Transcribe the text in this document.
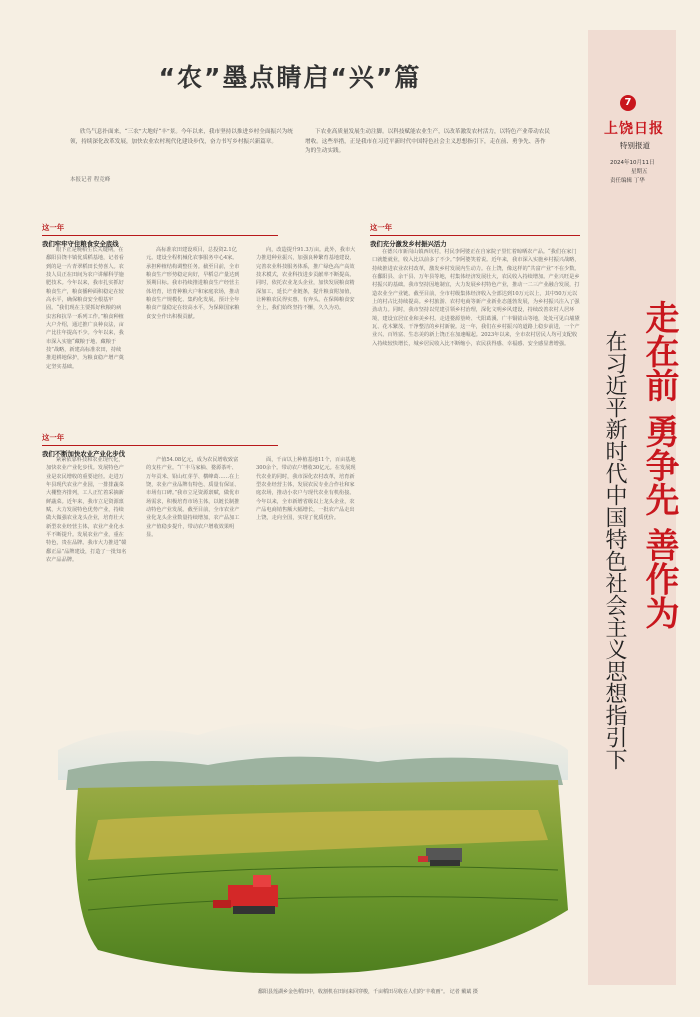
“农”墨点睛启“兴”篇
欣鸟气息扑面来，“三农”大地好“丰”景。今年以来，我市坚持以推进乡村全面振兴为统领，持续深化改革发展，加快农业农村现代化建设步伐，奋力书写乡村振兴新篇章。
下农业高质量发展生动注脚。以科技赋能农业生产，以改革激发农村活力，以特色产业带动农民增收。这些举措，正是我市在习近平新时代中国特色社会主义思想指引下，走在前、勇争先、善作为的生动实践。
本报记者 程竞峰
这一年
我们牢牢守住粮食安全底线

眼下正是晚稻生长关键期，在鄱阳县饶丰镇优质稻基地，记者看到的是一片青翠稻田长势喜人。农技人员正在田间为农户讲解科学施肥技术。今年以来，我市扎实抓好粮食生产，粮食播种面积稳定在较高水平，确保粮食安全根基牢固。“我们现在主要抓好秋粮的病虫害和抗旱一系列工作。”粮食种植大户介绍，通过推广良种良法，亩产比往年提高不少。今年以来，我市深入实施“藏粮于地、藏粮于技”战略，新建高标准农田，持续推进耕地保护，为粮食稳产增产奠定坚实基础。

高标准农田建设项目，总投资2.1亿元。建设全程机械化农事服务中心4家。承担种植结构调整任务。截至目前，全市粮食生产形势稳定向好，早稻总产量达到预期目标。我市持续推进粮食生产经营主体培育，培育种粮大户和家庭农场，推动粮食生产规模化、集约化发展。预计全年粮食产量稳定在较高水平，为保障国家粮食安全作出积极贡献。

向，改造提升91.3万亩。此外，我市大力推进种业振兴，加强良种繁育基地建设，完善农业科技服务体系，推广绿色高产高效技术模式，农业科技进步贡献率不断提高。同时，依托农业龙头企业，加快发展粮食精深加工，延长产业链条，提升粮食附加值，让种粮农民得实惠、有奔头。在保障粮食安全上，我们始终坚持不懈，久久为功。

这一年
我们不断加快农业产业化步伐

紧紧依靠科技和农业现代化，加快农业产业化步伐。发展特色产业是农民增收的重要途径。走进万年县现代农业产业园，一排排蔬菜大棚整齐排列，工人正忙着采摘新鲜蔬菜。近年来，我市立足资源禀赋，大力发展特色优势产业，持续做大做强农业龙头企业，培育壮大新型农业经营主体，农业产业化水平不断提升。发展农业产业，重在特色，贵在品牌。我市大力推进“赣鄱正品”品牌建设，打造了一批知名农产品品牌。

产值54.08亿元，成为农民增收致富的支柱产业。“广丰马家柚、婺源茶叶、万年贡米、铅山红芽芋、横峰葛……在上饶，农业产业品牌有特色、质量有保证、市场有口碑。”我市立足资源禀赋，做优市场需求，积极培育市场主体，以链长制推动特色产业发展。截至目前，全市农业产业化龙头企业数量持续增加，农产品加工业产值稳步提升，带动农户增收效果明显。

面，千亩以上种植基地11个，百亩基地300余个。带动农户增收30亿元。在发展现代农业的同时，我市深化农村改革，培育新型农业经营主体，发展农民专业合作社和家庭农场，推动小农户与现代农业有机衔接。今年以来，全市新增省级以上龙头企业，农产品电商销售额大幅增长，一批农产品走出上饶，走向全国，实现了优质优价。

这一年
我们充分激发乡村振兴活力

在德兴市新岗山镇西坑村，村民李阿婆正在自家院子里忙着晾晒农产品。“我们在家门口就能就业，收入比以前多了不少。”李阿婆笑着说。近年来，我市深入实施乡村振兴战略，持续推进农业农村改革，激发乡村发展内生动力。在上饶，像这样的“共富产业”不在少数。在鄱阳县、余干县、万年县等地，村集体经济发展壮大，农民收入持续增加。产业兴旺是乡村振兴的基础。我市坚持因地制宜，大力发展乡村特色产业，推动一二三产业融合发展，打造农业全产业链。截至目前，全市村级集体经济收入全部达到10万元以上，其中50万元以上的村占比持续提高。乡村旅游、农村电商等新产业新业态蓬勃发展，为乡村振兴注入了强劲动力。同时，我市坚持以党建引领乡村治理，深化文明乡风建设，持续改善农村人居环境，建设宜居宜业和美乡村。走进婺源篁岭、弋阳葛溪、广丰铜钹山等地，处处可见白墙黛瓦、花木繁茂、干净整洁的乡村新貌。这一年，我们在乡村振兴的道路上稳步前进，一个产业兴、百姓富、生态美的新上饶正在加速崛起。2023年以来，全市农村居民人均可支配收入持续较快增长，城乡居民收入比不断缩小，农民获得感、幸福感、安全感显著增强。

7
上饶日报
特别报道
2024年10月11日
星期五
责任编辑 丁华
走在前 勇争先 善作为
在习近平新时代中国特色社会主义思想指引下
鄱阳县莲湖乡金色稻田中，收割机在田间来回穿梭，千亩稻田尽收在人们的“丰收画”。 记者 戴斌 摄
